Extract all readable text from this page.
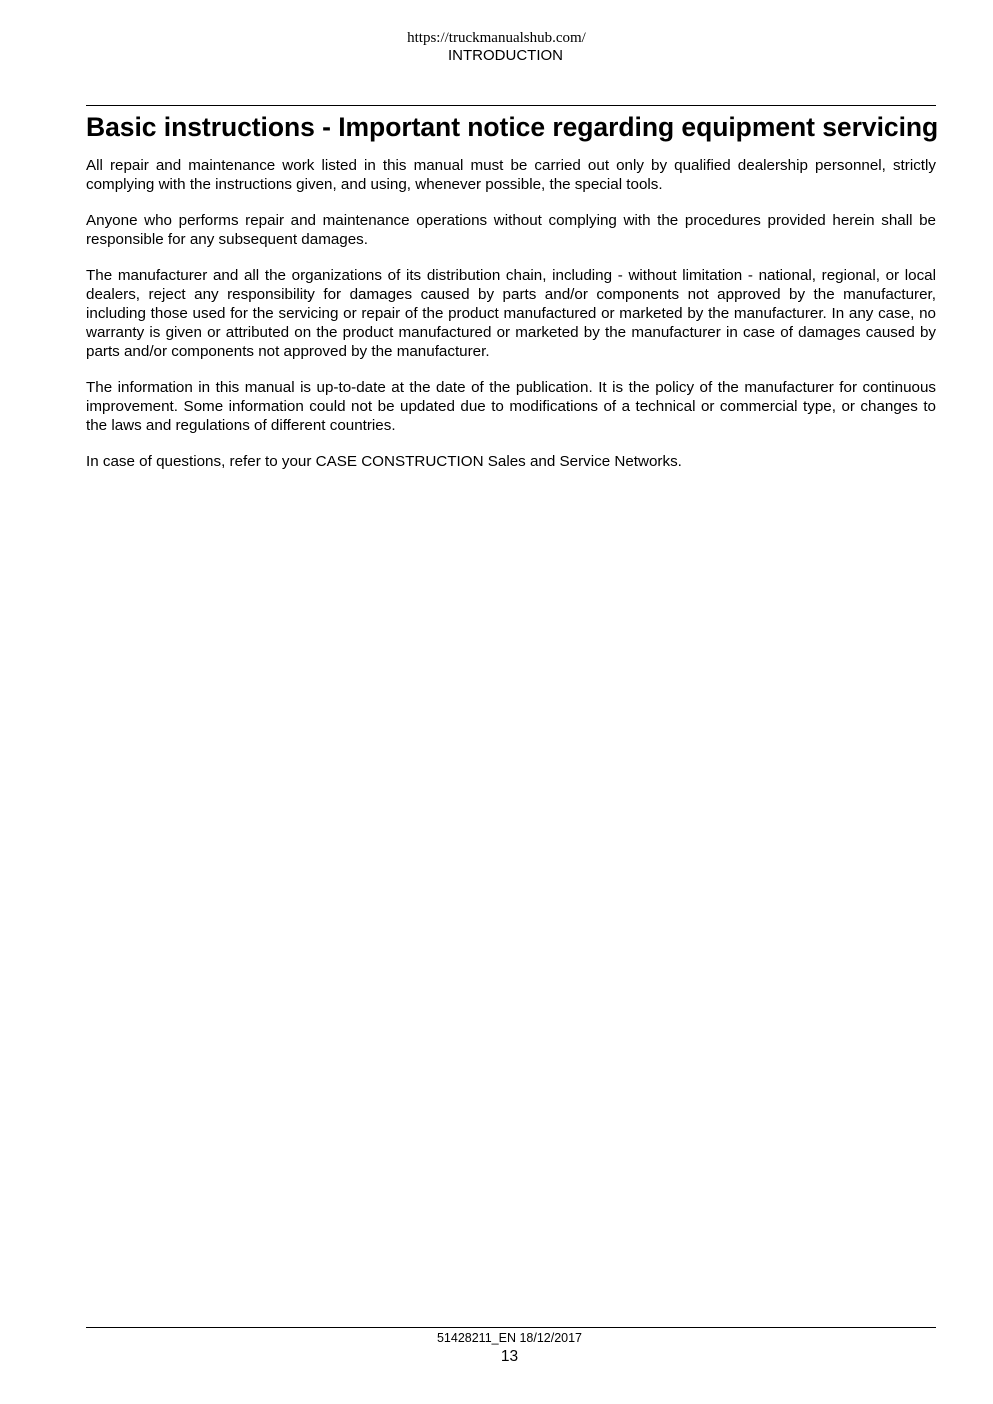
https://truckmanualshub.com/
INTRODUCTION
Basic instructions - Important notice regarding equipment servicing

All repair and maintenance work listed in this manual must be carried out only by qualified dealership personnel, strictly complying with the instructions given, and using, whenever possible, the special tools.

Anyone who performs repair and maintenance operations without complying with the procedures provided herein shall be responsible for any subsequent damages.

The manufacturer and all the organizations of its distribution chain, including - without limitation - national, regional, or local dealers, reject any responsibility for damages caused by parts and/or components not approved by the manufacturer, including those used for the servicing or repair of the product manufactured or marketed by the manufacturer. In any case, no warranty is given or attributed on the product manufactured or marketed by the manufacturer in case of damages caused by parts and/or components not approved by the manufacturer.

The information in this manual is up-to-date at the date of the publication. It is the policy of the manufacturer for continuous improvement. Some information could not be updated due to modifications of a technical or commercial type, or changes to the laws and regulations of different countries.

In case of questions, refer to your CASE CONSTRUCTION Sales and Service Networks.

51428211_EN 18/12/2017
13
